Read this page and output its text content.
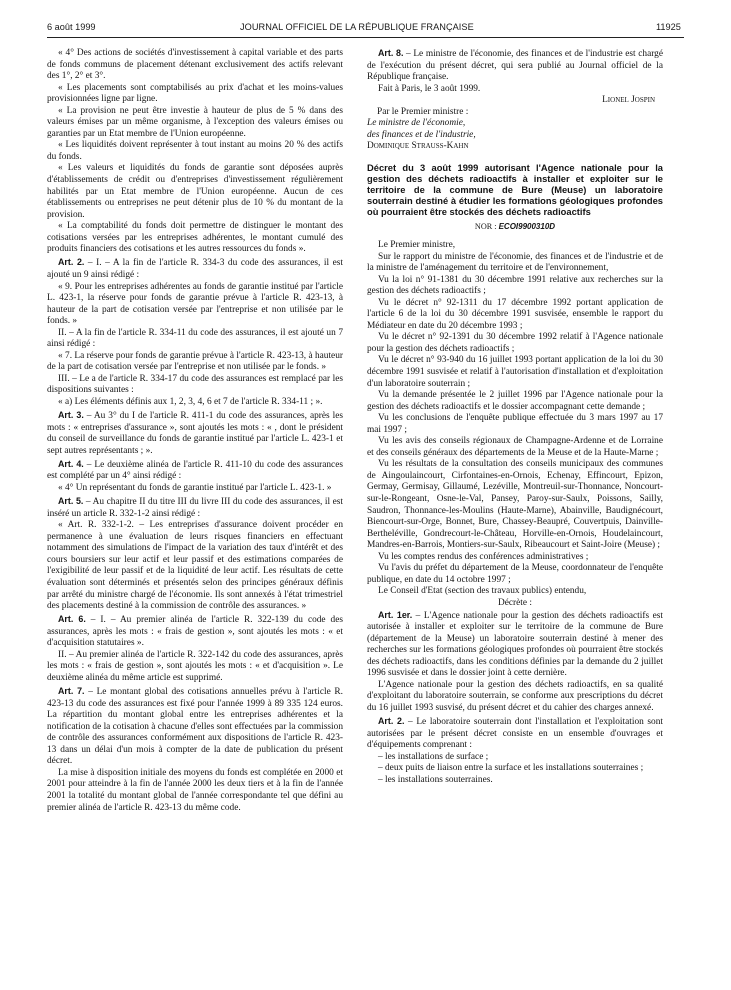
6 août 1999	JOURNAL OFFICIEL DE LA RÉPUBLIQUE FRANÇAISE	11925

« 4° Des actions de sociétés d'investissement à capital variable et des parts de fonds communs de placement détenant exclusivement des actifs relevant des 1°, 2° et 3°.

« Les placements sont comptabilisés au prix d'achat et les moins-values provisionnées ligne par ligne.

« La provision ne peut être investie à hauteur de plus de 5 % dans des valeurs émises par un même organisme, à l'exception des valeurs émises ou garanties par un Etat membre de l'Union européenne.

« Les liquidités doivent représenter à tout instant au moins 20 % des actifs du fonds.

« Les valeurs et liquidités du fonds de garantie sont déposées auprès d'établissements de crédit ou d'entreprises d'investissement régulièrement habilités par un Etat membre de l'Union européenne. Aucun de ces établissements ou entreprises ne peut détenir plus de 10 % du montant de la provision.

« La comptabilité du fonds doit permettre de distinguer le montant des cotisations versées par les entreprises adhérentes, le montant cumulé des produits financiers des cotisations et les autres ressources du fonds ».

Art. 2. – I. – A la fin de l'article R. 334-3 du code des assurances, il est ajouté un 9 ainsi rédigé :

« 9. Pour les entreprises adhérentes au fonds de garantie institué par l'article L. 423-1, la réserve pour fonds de garantie prévue à l'article R. 423-13, à hauteur de la part de cotisation versée par l'entreprise et non utilisée par le fonds. »

II. – A la fin de l'article R. 334-11 du code des assurances, il est ajouté un 7 ainsi rédigé :

« 7. La réserve pour fonds de garantie prévue à l'article R. 423-13, à hauteur de la part de cotisation versée par l'entreprise et non utilisée par le fonds. »

III. – Le a de l'article R. 334-17 du code des assurances est remplacé par les dispositions suivantes :

« a) Les éléments définis aux 1, 2, 3, 4, 6 et 7 de l'article R. 334-11 ; ».

Art. 3. – Au 3° du I de l'article R. 411-1 du code des assurances, après les mots : « entreprises d'assurance », sont ajoutés les mots : « , dont le président du conseil de surveillance du fonds de garantie institué par l'article L. 423-1 et sept autres représentants ; ».

Art. 4. – Le deuxième alinéa de l'article R. 411-10 du code des assurances est complété par un 4° ainsi rédigé :

« 4° Un représentant du fonds de garantie institué par l'article L. 423-1. »

Art. 5. – Au chapitre II du titre III du livre III du code des assurances, il est inséré un article R. 332-1-2 ainsi rédigé :

« Art. R. 332-1-2. – Les entreprises d'assurance doivent procéder en permanence à une évaluation de leurs risques financiers en effectuant notamment des simulations de l'impact de la variation des taux d'intérêt et des cours boursiers sur leur actif et leur passif et des estimations comparées de l'exigibilité de leur passif et de la liquidité de leur actif. Les résultats de cette évaluation sont déterminés et présentés selon des principes généraux définis par arrêté du ministre chargé de l'économie. Ils sont annexés à l'état trimestriel des placements destiné à la commission de contrôle des assurances. »

Art. 6. – I. – Au premier alinéa de l'article R. 322-139 du code des assurances, après les mots : « frais de gestion », sont ajoutés les mots : « et d'acquisition statutaires ».

II. – Au premier alinéa de l'article R. 322-142 du code des assurances, après les mots : « frais de gestion », sont ajoutés les mots : « et d'acquisition ». Le deuxième alinéa du même article est supprimé.

Art. 7. – Le montant global des cotisations annuelles prévu à l'article R. 423-13 du code des assurances est fixé pour l'année 1999 à 89 335 124 euros. La répartition du montant global entre les entreprises adhérentes et la notification de la cotisation à chacune d'elles sont effectuées par la commission de contrôle des assurances conformément aux dispositions de l'article R. 423-13 dans un délai d'un mois à compter de la date de publication du présent décret.

La mise à disposition initiale des moyens du fonds est complétée en 2000 et 2001 pour atteindre à la fin de l'année 2000 les deux tiers et à la fin de l'année 2001 la totalité du montant global de l'année correspondante tel que défini au premier alinéa de l'article R. 423-13 du même code.

Art. 8. – Le ministre de l'économie, des finances et de l'industrie est chargé de l'exécution du présent décret, qui sera publié au Journal officiel de la République française.

Fait à Paris, le 3 août 1999.

Lionel Jospin

Par le Premier ministre :

Le ministre de l'économie,

des finances et de l'industrie,

Dominique Strauss-Kahn

Décret du 3 août 1999 autorisant l'Agence nationale pour la gestion des déchets radioactifs à installer et exploiter sur le territoire de la commune de Bure (Meuse) un laboratoire souterrain destiné à étudier les formations géologiques profondes où pourraient être stockés des déchets radioactifs
NOR : ECOI9900310D

Le Premier ministre,

Sur le rapport du ministre de l'économie, des finances et de l'industrie et de la ministre de l'aménagement du territoire et de l'environnement,

Vu la loi n° 91-1381 du 30 décembre 1991 relative aux recherches sur la gestion des déchets radioactifs ;

Vu le décret n° 92-1311 du 17 décembre 1992 portant application de l'article 6 de la loi du 30 décembre 1991 susvisée, ensemble le rapport du Médiateur en date du 20 décembre 1993 ;

Vu le décret n° 92-1391 du 30 décembre 1992 relatif à l'Agence nationale pour la gestion des déchets radioactifs ;

Vu le décret n° 93-940 du 16 juillet 1993 portant application de la loi du 30 décembre 1991 susvisée et relatif à l'autorisation d'installation et d'exploitation d'un laboratoire souterrain ;

Vu la demande présentée le 2 juillet 1996 par l'Agence nationale pour la gestion des déchets radioactifs et le dossier accompagnant cette demande ;

Vu les conclusions de l'enquête publique effectuée du 3 mars 1997 au 17 mai 1997 ;

Vu les avis des conseils régionaux de Champagne-Ardenne et de Lorraine et des conseils généraux des départements de la Meuse et de la Haute-Marne ;

Vu les résultats de la consultation des conseils municipaux des communes de Aingoulaincourt, Cirfontaines-en-Ornois, Echenay, Effincourt, Epizon, Germay, Germisay, Gillaumé, Lezéville, Montreuil-sur-Thonnance, Noncourt-sur-le-Rongeant, Osne-le-Val, Pansey, Paroy-sur-Saulx, Poissons, Sailly, Saudron, Thonnance-les-Moulins (Haute-Marne), Abainville, Baudignécourt, Biencourt-sur-Orge, Bonnet, Bure, Chassey-Beaupré, Couvertpuis, Dainville-Bertheléville, Gondrecourt-le-Château, Horville-en-Ornois, Houdelaincourt, Mandres-en-Barrois, Montiers-sur-Saulx, Ribeaucourt et Saint-Joire (Meuse) ;

Vu les comptes rendus des conférences administratives ;

Vu l'avis du préfet du département de la Meuse, coordonnateur de l'enquête publique, en date du 14 octobre 1997 ;

Le Conseil d'Etat (section des travaux publics) entendu,

Décrète :

Art. 1er. – L'Agence nationale pour la gestion des déchets radioactifs est autorisée à installer et exploiter sur le territoire de la commune de Bure (département de la Meuse) un laboratoire souterrain destiné à mener des recherches sur les formations géologiques profondes où pourraient être stockés des déchets radioactifs, dans les conditions définies par la demande du 2 juillet 1996 susvisée et dans le dossier joint à cette dernière.

L'Agence nationale pour la gestion des déchets radioactifs, en sa qualité d'exploitant du laboratoire souterrain, se conforme aux prescriptions du décret du 16 juillet 1993 susvisé, du présent décret et du cahier des charges annexé.

Art. 2. – Le laboratoire souterrain dont l'installation et l'exploitation sont autorisées par le présent décret consiste en un ensemble d'ouvrages et d'équipements comprenant :

– les installations de surface ;

– deux puits de liaison entre la surface et les installations souterraines ;

– les installations souterraines.
